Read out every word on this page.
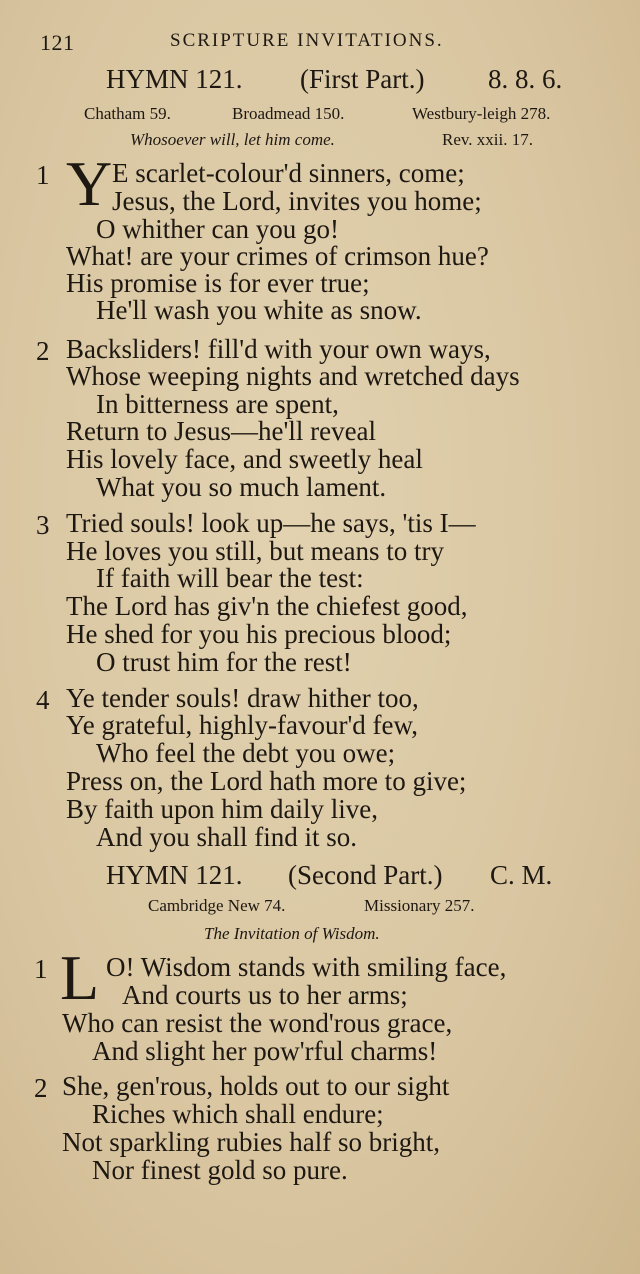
121	SCRIPTURE INVITATIONS.
HYMN 121. (First Part.) 8. 8. 6.
Chatham 59.	Broadmead 150.	Westbury-leigh 278.
Whosoever will, let him come.	Rev. xxii. 17.
1 Y E scarlet-colour'd sinners, come;
Jesus, the Lord, invites you home;
O whither can you go!
What! are your crimes of crimson hue?
His promise is for ever true;
He'll wash you white as snow.
2 Backsliders! fill'd with your own ways,
Whose weeping nights and wretched days
In bitterness are spent,
Return to Jesus—he'll reveal
His lovely face, and sweetly heal
What you so much lament.
3 Tried souls! look up—he says, 'tis I—
He loves you still, but means to try
If faith will bear the test:
The Lord has giv'n the chiefest good,
He shed for you his precious blood;
O trust him for the rest!
4 Ye tender souls! draw hither too,
Ye grateful, highly-favour'd few,
Who feel the debt you owe;
Press on, the Lord hath more to give;
By faith upon him daily live,
And you shall find it so.
HYMN 121. (Second Part.) C. M.
Cambridge New 74.	Missionary 257.
The Invitation of Wisdom.
1 L O! Wisdom stands with smiling face,
And courts us to her arms;
Who can resist the wond'rous grace,
And slight her pow'rful charms!
2 She, gen'rous, holds out to our sight
Riches which shall endure;
Not sparkling rubies half so bright,
Nor finest gold so pure.
